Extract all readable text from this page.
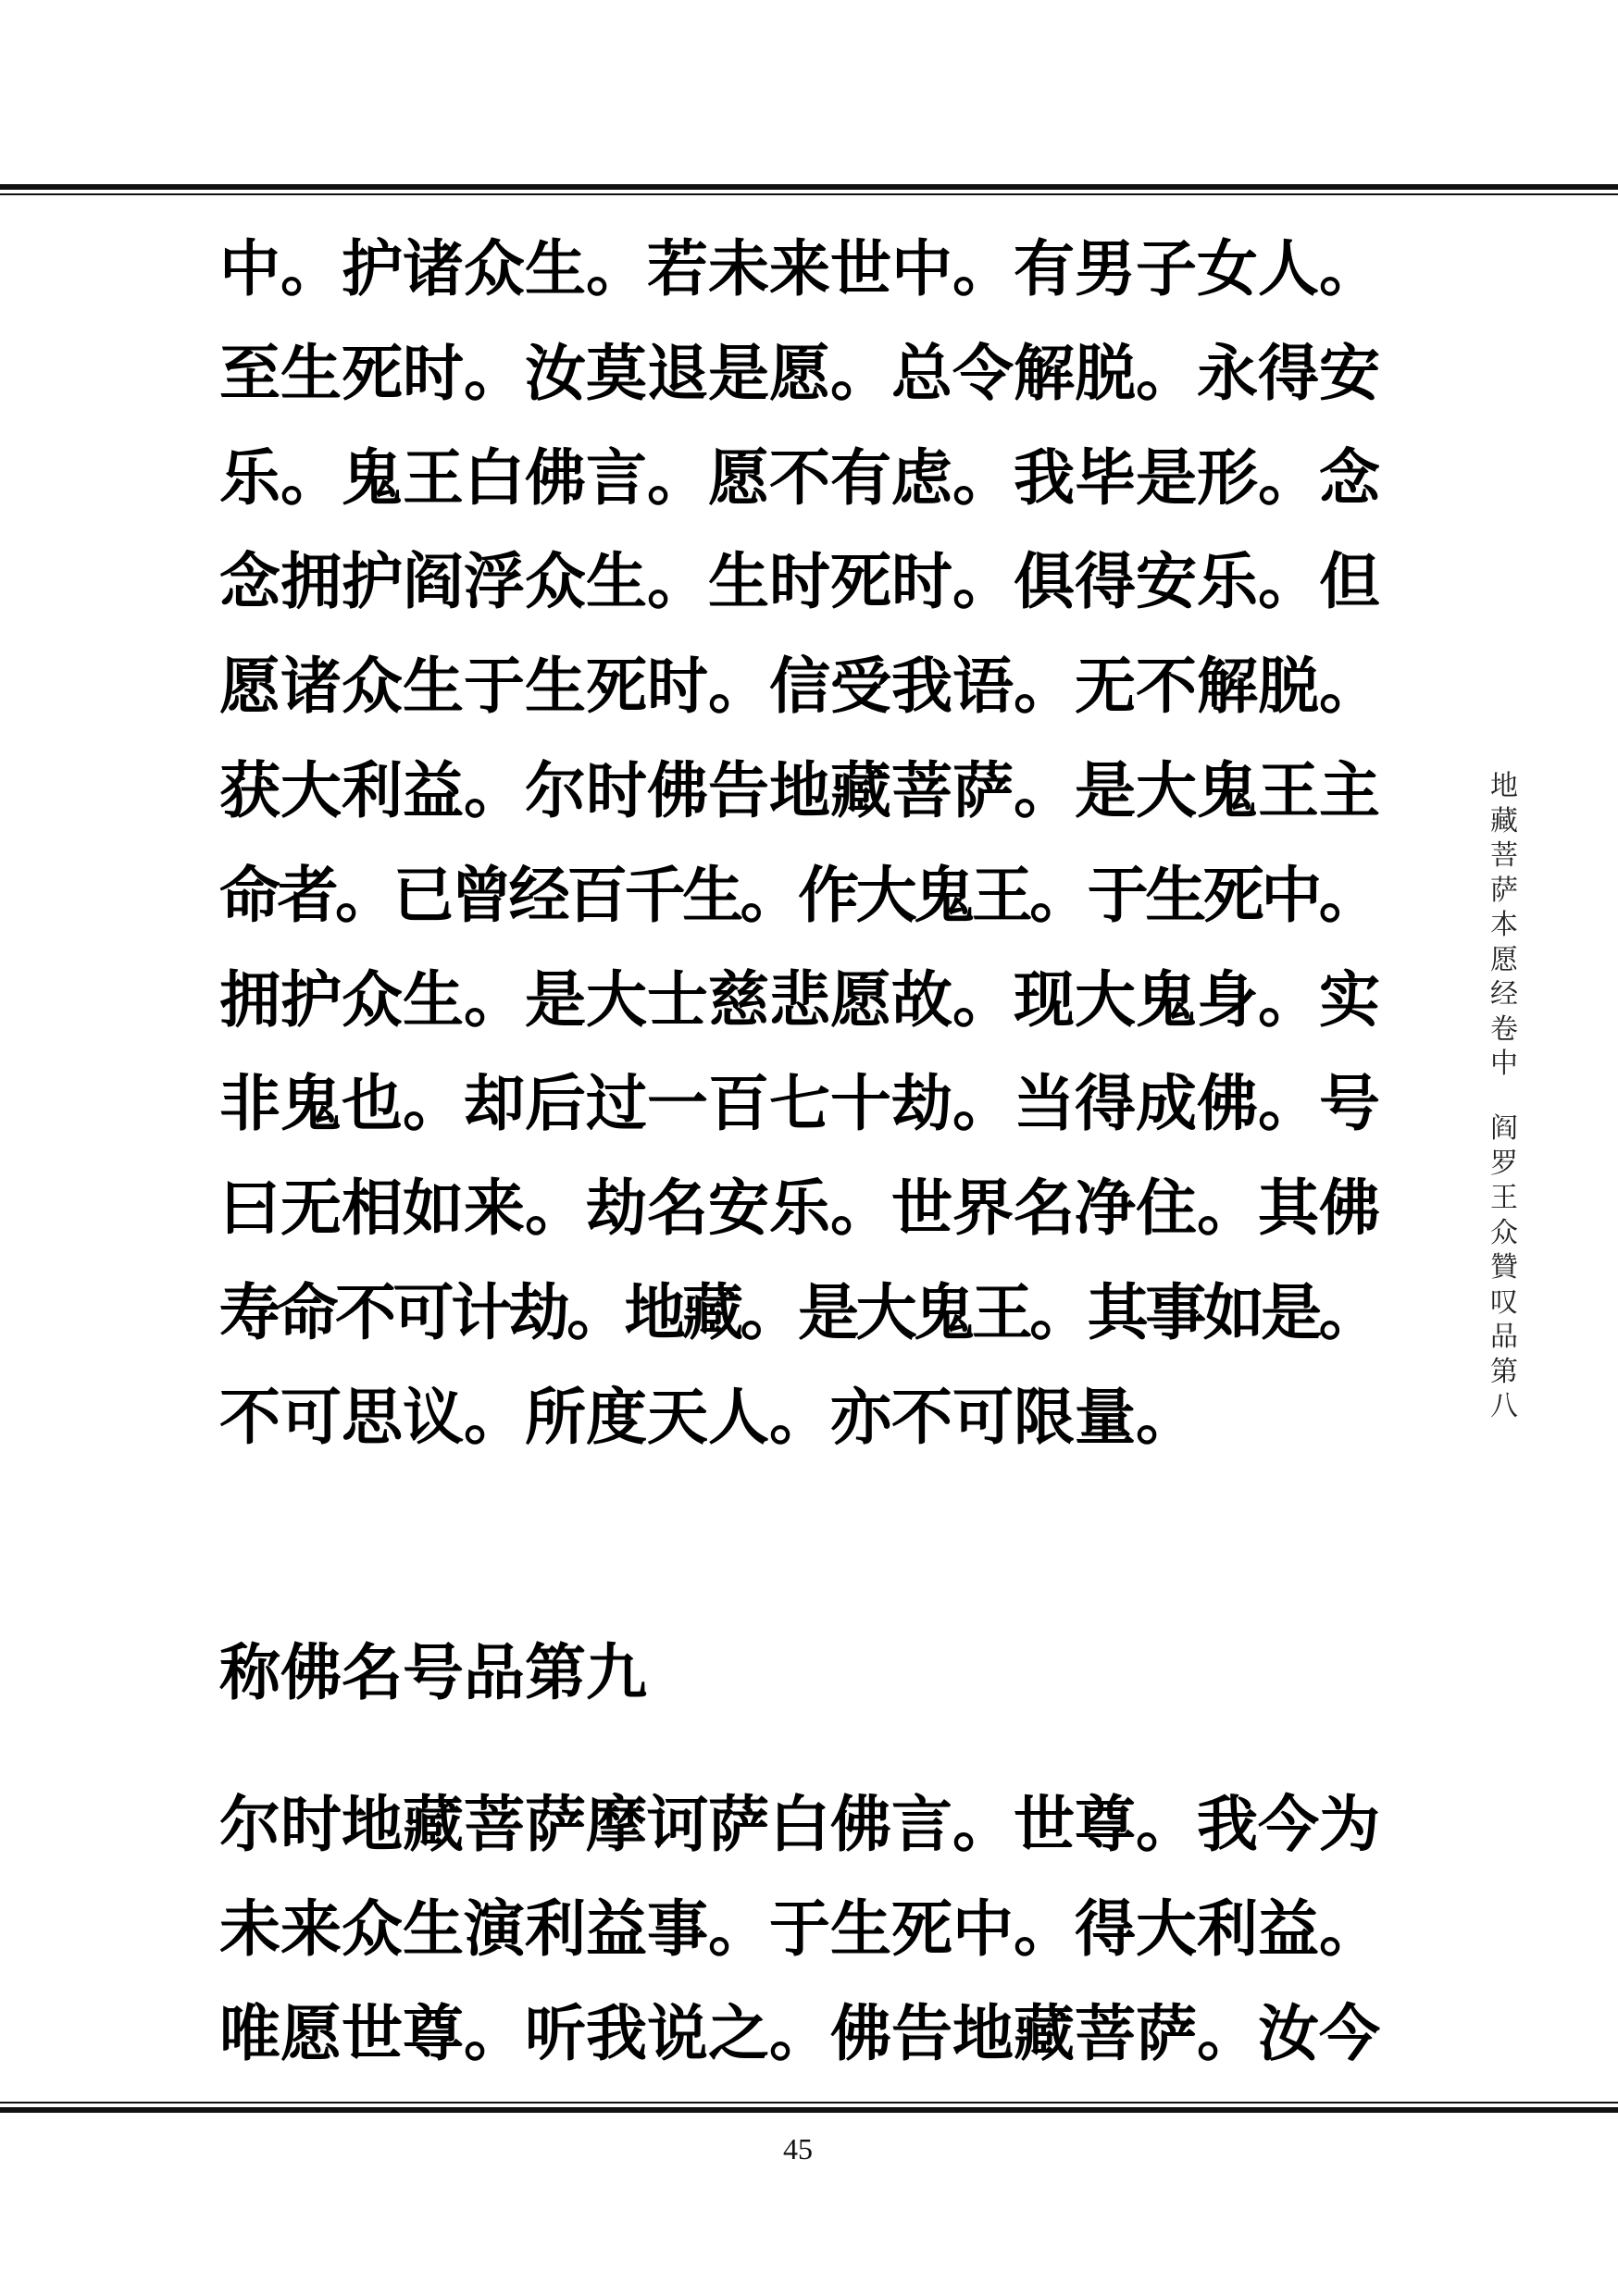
中 。 护 诸 众 生 。 若 未 来 世 中 。 有 男 子 女 人 。
至 生 死 时 。 汝 莫 退 是 愿 。 总 令 解 脱 。 永 得 安
乐 。 鬼 王 白 佛 言 。 愿 不 有 虑 。 我 毕 是 形 。 念
念 拥 护 阎 浮 众 生 。 生 时 死 时 。 俱 得 安 乐 。 但
愿 诸 众 生 于 生 死 时 。 信 受 我 语 。 无 不 解 脱 。
获 大 利 益 。 尔 时 佛 告 地 藏 菩 萨 。 是 大 鬼 王 主
命
者
。
已
曾
经
百
千
生
。
作
大
鬼
王
。
于
生
死
中
。
拥 护 众 生 。 是 大 士 慈 悲 愿 故 。 现 大 鬼 身 。 实
非 鬼 也 。 却 后 过 一 百 七 十 劫 。 当 得 成 佛 。 号
曰 无 相 如 来 。 劫 名 安 乐 。 世 界 名 净 住 。 其 佛
寿
命
不
可
计
劫
。
地
藏
。
是
大
鬼
王
。
其
事
如
是
。
不 可 思 议 。 所 度 天 人 。 亦 不 可 限 量 。
称 佛 名 号 品 第 九
尔 时 地 藏 菩 萨 摩 诃 萨 白 佛 言 。 世 尊 。 我 今 为
未 来 众 生 演 利 益 事 。 于 生 死 中 。 得 大 利 益 。
唯 愿 世 尊 。 听 我 说 之 。 佛 告 地 藏 菩 萨 。 汝 今
地
藏
菩
萨
本
愿
经
卷
中
阎
罗
王
众
贊
叹
品
第
八
45
